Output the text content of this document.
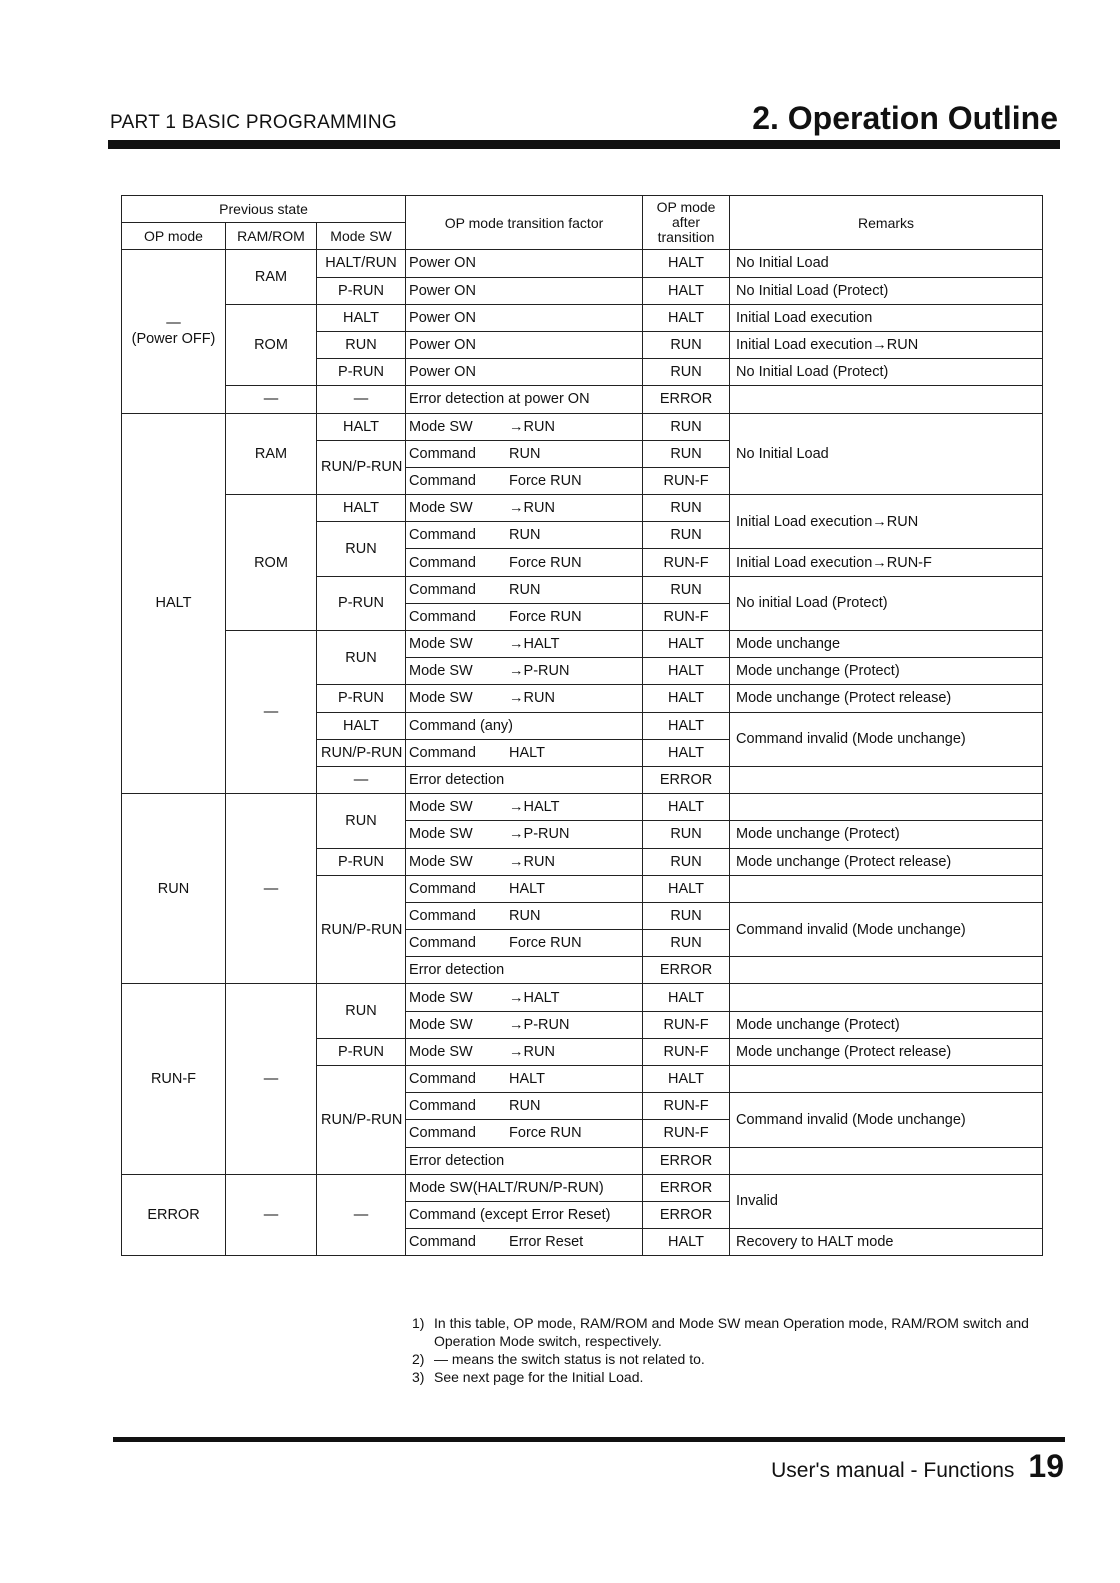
PART 1 BASIC PROGRAMMING	2. Operation Outline
Previous state			OP mode transition factor	OP mode
after
transition	Remarks
OP mode	RAM/ROM	Mode SW			
—
(Power OFF)	RAM	HALT/RUN	Power ON	HALT	No Initial Load
		P-RUN	Power ON	HALT	No Initial Load (Protect)
	ROM	HALT	Power ON	HALT	Initial Load execution
		RUN	Power ON	RUN	Initial Load execution→RUN
		P-RUN	Power ON	RUN	No Initial Load (Protect)
	—	—	Error detection at power ON	ERROR	
HALT	RAM	HALT	Mode SW →RUN	RUN	No Initial Load
		RUN/P-RUN	Command RUN	RUN	
			Command Force RUN	RUN-F	
	ROM	HALT	Mode SW →RUN	RUN	Initial Load execution→RUN
		RUN	Command RUN	RUN	
			Command Force RUN	RUN-F	Initial Load execution→RUN-F
		P-RUN	Command RUN	RUN	No initial Load (Protect)
			Command Force RUN	RUN-F	
	—	RUN	Mode SW →HALT	HALT	Mode unchange
			Mode SW →P-RUN	HALT	Mode unchange (Protect)
		P-RUN	Mode SW →RUN	HALT	Mode unchange (Protect release)
		HALT	Command (any)	HALT	Command invalid (Mode unchange)
		RUN/P-RUN	Command HALT	HALT	
		—	Error detection	ERROR	
RUN	—	RUN	Mode SW →HALT	HALT	
			Mode SW →P-RUN	RUN	Mode unchange (Protect)
		P-RUN	Mode SW →RUN	RUN	Mode unchange (Protect release)
		RUN/P-RUN	Command HALT	HALT	
			Command RUN	RUN	Command invalid (Mode unchange)
			Command Force RUN	RUN	
			Error detection	ERROR	
RUN-F	—	RUN	Mode SW →HALT	HALT	
			Mode SW →P-RUN	RUN-F	Mode unchange (Protect)
		P-RUN	Mode SW →RUN	RUN-F	Mode unchange (Protect release)
		RUN/P-RUN	Command HALT	HALT	
			Command RUN	RUN-F	Command invalid (Mode unchange)
			Command Force RUN	RUN-F	
			Error detection	ERROR	
ERROR	—	—	Mode SW(HALT/RUN/P-RUN)	ERROR	Invalid
			Command (except Error Reset)	ERROR	
			Command Error Reset	HALT	Recovery to HALT mode
1) In this table, OP mode, RAM/ROM and Mode SW mean Operation mode, RAM/ROM switch and Operation Mode switch, respectively.
2) — means the switch status is not related to.
3) See next page for the Initial Load.
User's manual - Functions 19
